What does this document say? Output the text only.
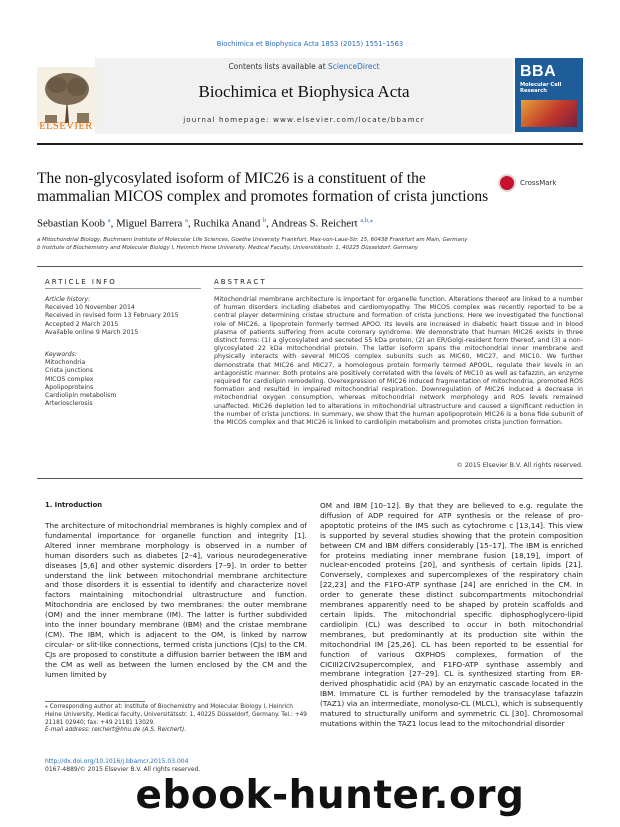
Biochimica et Biophysica Acta 1853 (2015) 1551–1563
Contents lists available at ScienceDirect
Biochimica et Biophysica Acta
journal homepage: www.elsevier.com/locate/bbamcr
ELSEVIER
BBA
Molecular Cell Research
The non-glycosylated isoform of MIC26 is a constituent of the mammalian MICOS complex and promotes formation of crista junctions
CrossMark
Sebastian Koob $^a$, Miguel Barrera $^a$, Ruchika Anand $^b$, Andreas S. Reichert $^{a,b,⁎}$
a Mitochondrial Biology, Buchmann Institute of Molecular Life Sciences, Goethe University Frankfurt, Max-von-Laue-Str. 15, 60438 Frankfurt am Main, Germany
b Institute of Biochemistry and Molecular Biology I, Heinrich Heine University, Medical Faculty, Universitätsstr. 1, 40225 Düsseldorf, Germany
ARTICLE INFO	ABSTRACT
Article history:
Received 10 November 2014
Received in revised form 13 February 2015
Accepted 2 March 2015
Available online 9 March 2015
Keywords:
Mitochondria
Crista junctions
MICOS complex
Apolipoproteins
Cardiolipin metabolism
Arteriosclerosis
Mitochondrial membrane architecture is important for organelle function. Alterations thereof are linked to a number of human disorders including diabetes and cardiomyopathy. The MICOS complex was recently reported to be a central player determining cristae structure and formation of crista junctions. Here we investigated the functional role of MIC26, a lipoprotein formerly termed APOO. Its levels are increased in diabetic heart tissue and in blood plasma of patients suffering from acute coronary syndrome. We demonstrate that human MIC26 exists in three distinct forms: (1) a glycosylated and secreted 55 kDa protein, (2) an ER/Golgi-resident form thereof, and (3) a non-glycosylated 22 kDa mitochondrial protein. The latter isoform spans the mitochondrial inner membrane and physically interacts with several MICOS complex subunits such as MIC60, MIC27, and MIC10. We further demonstrate that MIC26 and MIC27, a homologous protein formerly termed APOOL, regulate their levels in an antagonistic manner. Both proteins are positively correlated with the levels of MIC10 as well as tafazzin, an enzyme required for cardiolipin remodeling. Overexpression of MIC26 induced fragmentation of mitochondria, promoted ROS formation and resulted in impaired mitochondrial respiration. Downregulation of MIC26 induced a decrease in mitochondrial oxygen consumption, whereas mitochondrial network morphology and ROS levels remained unaffected. MIC26 depletion led to alterations in mitochondrial ultrastructure and caused a significant reduction in the number of crista junctions. In summary, we show that the human apolipoprotein MIC26 is a bona fide subunit of the MICOS complex and that MIC26 is linked to cardiolipin metabolism and promotes crista junction formation.
© 2015 Elsevier B.V. All rights reserved.
1. Introduction
The architecture of mitochondrial membranes is highly complex and of fundamental importance for organelle function and integrity [1]. Altered inner membrane morphology is observed in a number of human disorders such as diabetes [2–4], various neurodegenerative diseases [5,6] and other systemic disorders [7–9]. In order to better understand the link between mitochondrial membrane architecture and those disorders it is essential to identify and characterize novel factors maintaining mitochondrial ultrastructure and function. Mitochondria are enclosed by two membranes: the outer membrane (OM) and the inner membrane (IM). The latter is further subdivided into the inner boundary membrane (IBM) and the cristae membrane (CM). The IBM, which is adjacent to the OM, is linked by narrow circular- or slit-like connections, termed crista junctions (CJs) to the CM. CJs are proposed to constitute a diffusion barrier between the IBM and the CM as well as between the lumen enclosed by the CM and the lumen limited by
OM and IBM [10–12]. By that they are believed to e.g. regulate the diffusion of ADP required for ATP synthesis or the release of pro-apoptotic proteins of the IMS such as cytochrome c [13,14]. This view is supported by several studies showing that the protein composition between CM and IBM differs considerably [15–17]. The IBM is enriched for proteins mediating inner membrane fusion [18,19], import of nuclear-encoded proteins [20], and synthesis of certain lipids [21]. Conversely, complexes and supercomplexes of the respiratory chain [22,23] and the F1FO-ATP synthase [24] are enriched in the CM. In order to generate these distinct subcompartments mitochondrial membranes apparently need to be shaped by protein scaffolds and certain lipids. The mitochondrial specific diphosphoglycero-lipid cardiolipin (CL) was described to occur in both mitochondrial membranes, but predominantly at its production site within the mitochondrial IM [25,26]. CL has been reported to be essential for function of various OXPHOS complexes, formation of the CICIII2CIV2supercomplex, and F1FO-ATP synthase assembly and membrane integration [27–29]. CL is synthesized starting from ER-derived phosphatidic acid (PA) by an enzymatic cascade located in the IBM. Immature CL is further remodeled by the transacylase tafazzin (TAZ1) via an intermediate, monolyso-CL (MLCL), which is subsequently matured to structurally uniform and symmetric CL [30]. Chromosomal mutations within the TAZ1 locus lead to the mitochondrial disorder
⁎ Corresponding author at: Institute of Biochemistry and Molecular Biology I, Heinrich Heine University, Medical faculty, Universitätsstr. 1, 40225 Düsseldorf, Germany. Tel.: +49 21181 02940; fax: +49 21181 13029.
E-mail address: reichert@hhu.de (A.S. Reichert).
http://dx.doi.org/10.1016/j.bbamcr.2015.03.004
0167-4889/© 2015 Elsevier B.V. All rights reserved.
ebook-hunter.org
